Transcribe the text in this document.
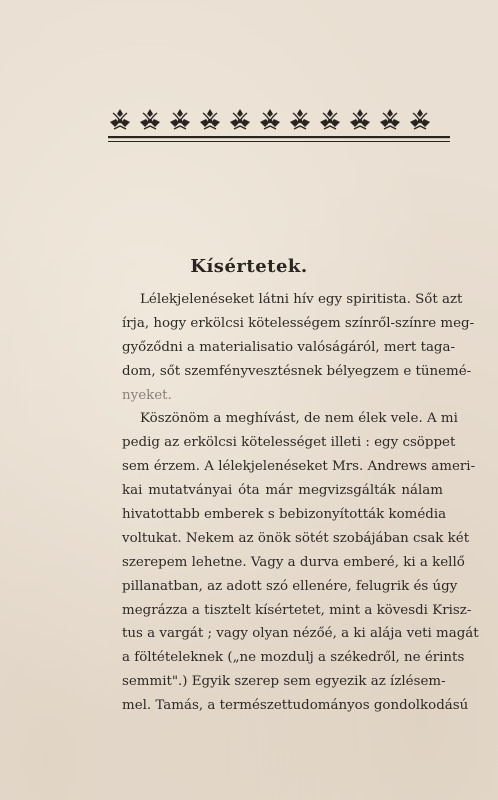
Kísértetek.
Lélekjelenéseket látni hív egy spiritista. Sőt azt
írja, hogy erkölcsi kötelességem színről-színre meg-
győződni a materialisatio valóságáról, mert taga-
dom, sőt szemfényvesztésnek bélyegzem e tünemé-
nyeket.
Köszönöm a meghívást, de nem élek vele. A mi
pedig az erkölcsi kötelességet illeti : egy csöppet
sem érzem. A lélekjelenéseket Mrs. Andrews ameri-
kai mutatványai óta már megvizsgálták nálam
hivatottabb emberek s bebizonyították komédia
voltukat. Nekem az önök sötét szobájában csak két
szerepem lehetne. Vagy a durva emberé, ki a kellő
pillanatban, az adott szó ellenére, felugrik és úgy
megrázza a tisztelt kísértetet, mint a kövesdi Krisz-
tus a vargát ; vagy olyan nézőé, a ki alája veti magát
a föltételeknek („ne mozdulj a székedről, ne érints
semmit".) Egyik szerep sem egyezik az ízlésem-
mel. Tamás, a természettudományos gondolkodású
